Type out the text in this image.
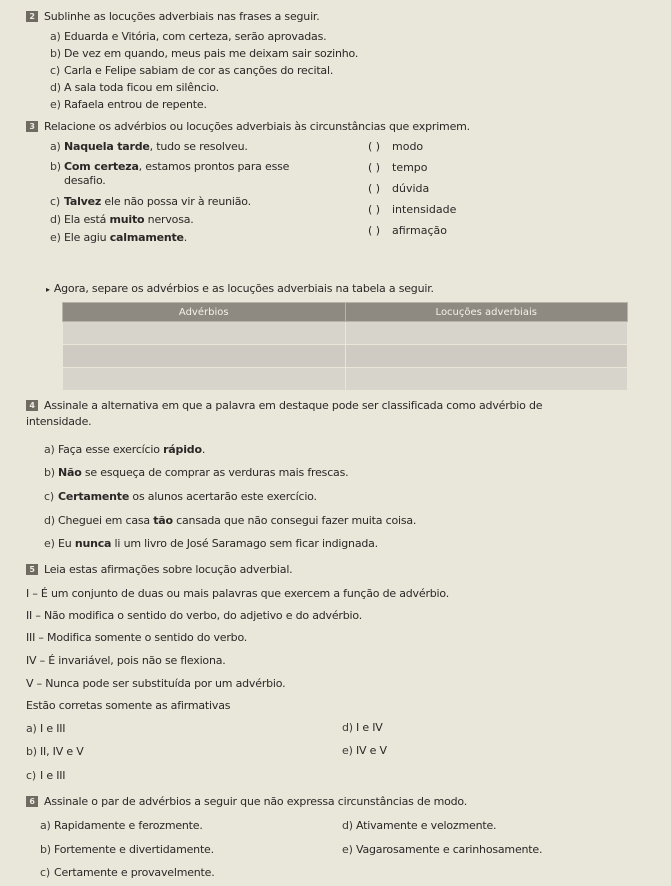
2 Sublinhe as locuções adverbiais nas frases a seguir.
a) Eduarda e Vitória, com certeza, serão aprovadas.
b) De vez em quando, meus pais me deixam sair sozinho.
c) Carla e Felipe sabiam de cor as canções do recital.
d) A sala toda ficou em silêncio.
e) Rafaela entrou de repente.
3 Relacione os advérbios ou locuções adverbiais às circunstâncias que exprimem.
a) Naquela tarde, tudo se resolveu.
b) Com certeza, estamos prontos para esse
desafio.
c) Talvez ele não possa vir à reunião.
d) Ela está muito nervosa.
e) Ele agiu calmamente.
( ) modo
( ) tempo
( ) dúvida
( ) intensidade
( ) afirmação
▸ Agora, separe os advérbios e as locuções adverbiais na tabela a seguir.
Advérbios	Locuções adverbiais

4 Assinale a alternativa em que a palavra em destaque pode ser classificada como advérbio de
intensidade.
a) Faça esse exercício rápido.
b) Não se esqueça de comprar as verduras mais frescas.
c) Certamente os alunos acertarão este exercício.
d) Cheguei em casa tão cansada que não consegui fazer muita coisa.
e) Eu nunca li um livro de José Saramago sem ficar indignada.
5 Leia estas afirmações sobre locução adverbial.
I – É um conjunto de duas ou mais palavras que exercem a função de advérbio.
II – Não modifica o sentido do verbo, do adjetivo e do advérbio.
III – Modifica somente o sentido do verbo.
IV – É invariável, pois não se flexiona.
V – Nunca pode ser substituída por um advérbio.
Estão corretas somente as afirmativas
a) I e III
b) II, IV e V
c) I e III
d) I e IV
e) IV e V
6 Assinale o par de advérbios a seguir que não expressa circunstâncias de modo.
a) Rapidamente e ferozmente.
b) Fortemente e divertidamente.
c) Certamente e provavelmente.
d) Ativamente e velozmente.
e) Vagarosamente e carinhosamente.
